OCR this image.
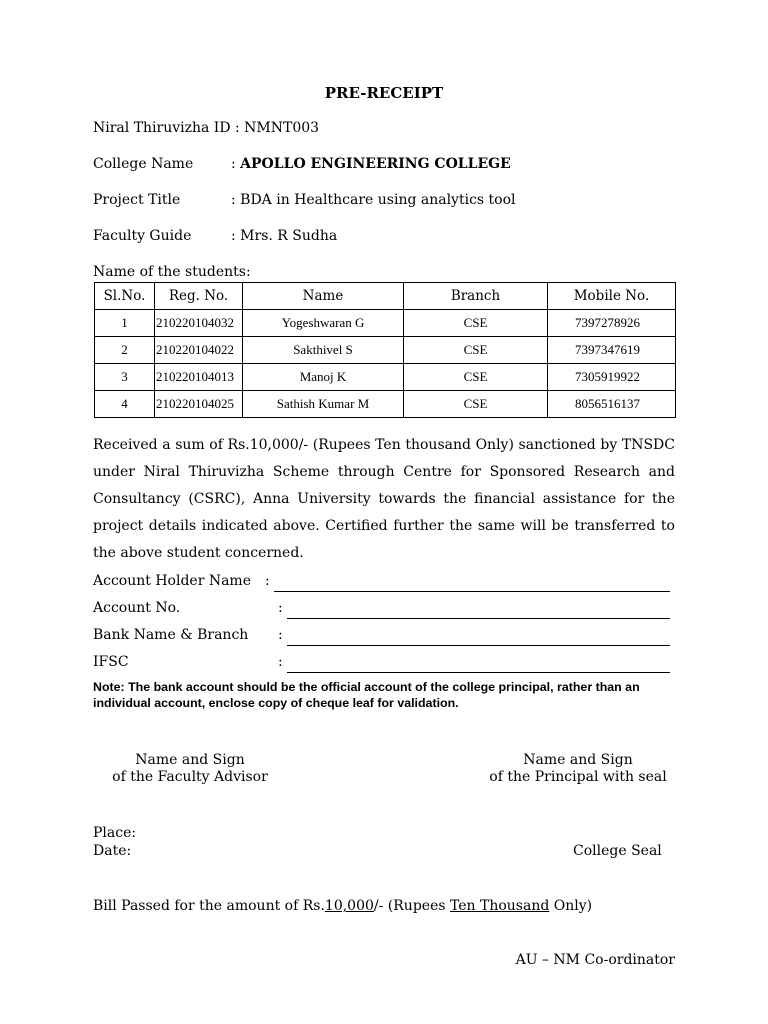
PRE-RECEIPT
Niral Thiruvizha ID : NMNT003
College Name	: APOLLO ENGINEERING COLLEGE
Project Title	: BDA in Healthcare using analytics tool
Faculty Guide	: Mrs. R Sudha
Name of the students:
Sl.No.	Reg. No.	Name	Branch	Mobile No.
1	210220104032	Yogeshwaran G	CSE	7397278926
2	210220104022	Sakthivel S	CSE	7397347619
3	210220104013	Manoj K	CSE	7305919922
4	210220104025	Sathish Kumar M	CSE	8056516137
Received a sum of Rs.10,000/- (Rupees Ten thousand Only) sanctioned by TNSDC under Niral Thiruvizha Scheme through Centre for Sponsored Research and Consultancy (CSRC), Anna University towards the financial assistance for the project details indicated above. Certified further the same will be transferred to the above student concerned.
Account Holder Name :
Account No.	:
Bank Name & Branch :
IFSC	:
Note: The bank account should be the official account of the college principal, rather than an individual account, enclose copy of cheque leaf for validation.
Name and Sign
of the Faculty Advisor
Name and Sign
of the Principal with seal
Place:
Date:	College Seal
Bill Passed for the amount of Rs.10,000/- (Rupees Ten Thousand Only)
AU – NM Co-ordinator
